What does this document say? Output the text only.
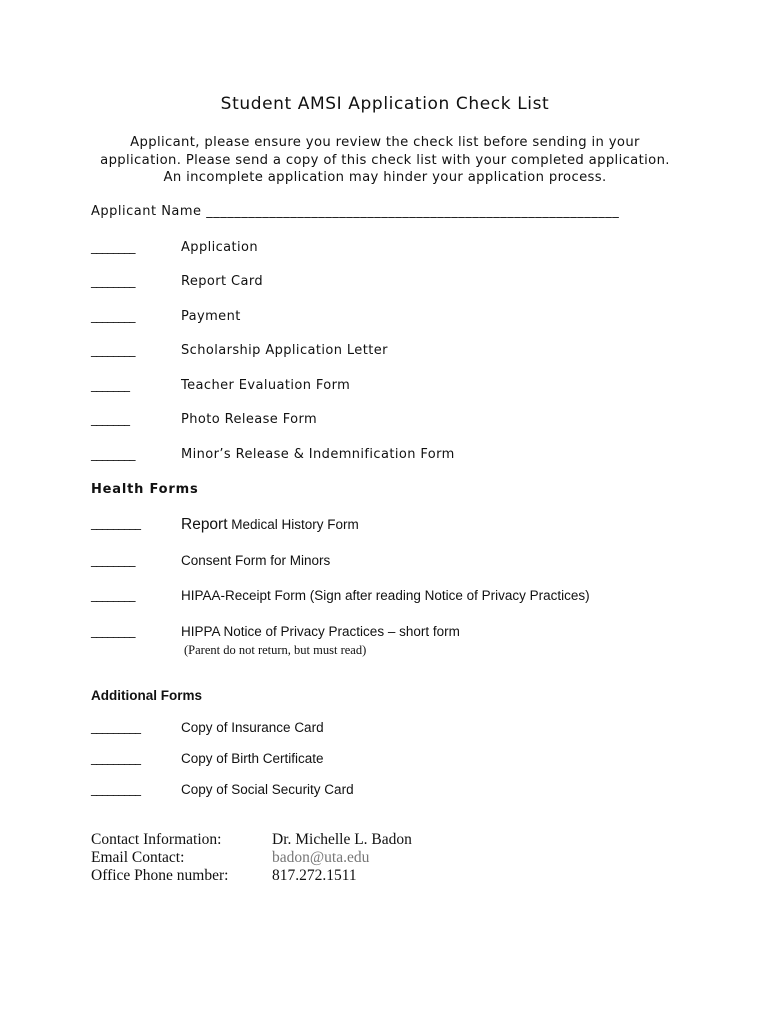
Student AMSI Application Check List
Applicant, please ensure you review the check list before sending in your
application. Please send a copy of this check list with your completed application.
An incomplete application may hinder your application process.
Applicant Name ___________________________________________________________
________	Application
________	Report Card
________	Payment
________	Scholarship Application Letter
_______	Teacher Evaluation Form
_______	Photo Release Form
________	Minor’s Release & Indemnification Form
Health Forms
_________	Report Medical History Form
________	Consent Form for Minors
________	HIPAA-Receipt Form (Sign after reading Notice of Privacy Practices)
________	HIPPA Notice of Privacy Practices – short form
(Parent do not return, but must read)
Additional Forms
_________	Copy of Insurance Card
_________	Copy of Birth Certificate
_________	Copy of Social Security Card
Contact Information:	Dr. Michelle L. Badon
Email Contact:	badon@uta.edu
Office Phone number:	817.272.1511
